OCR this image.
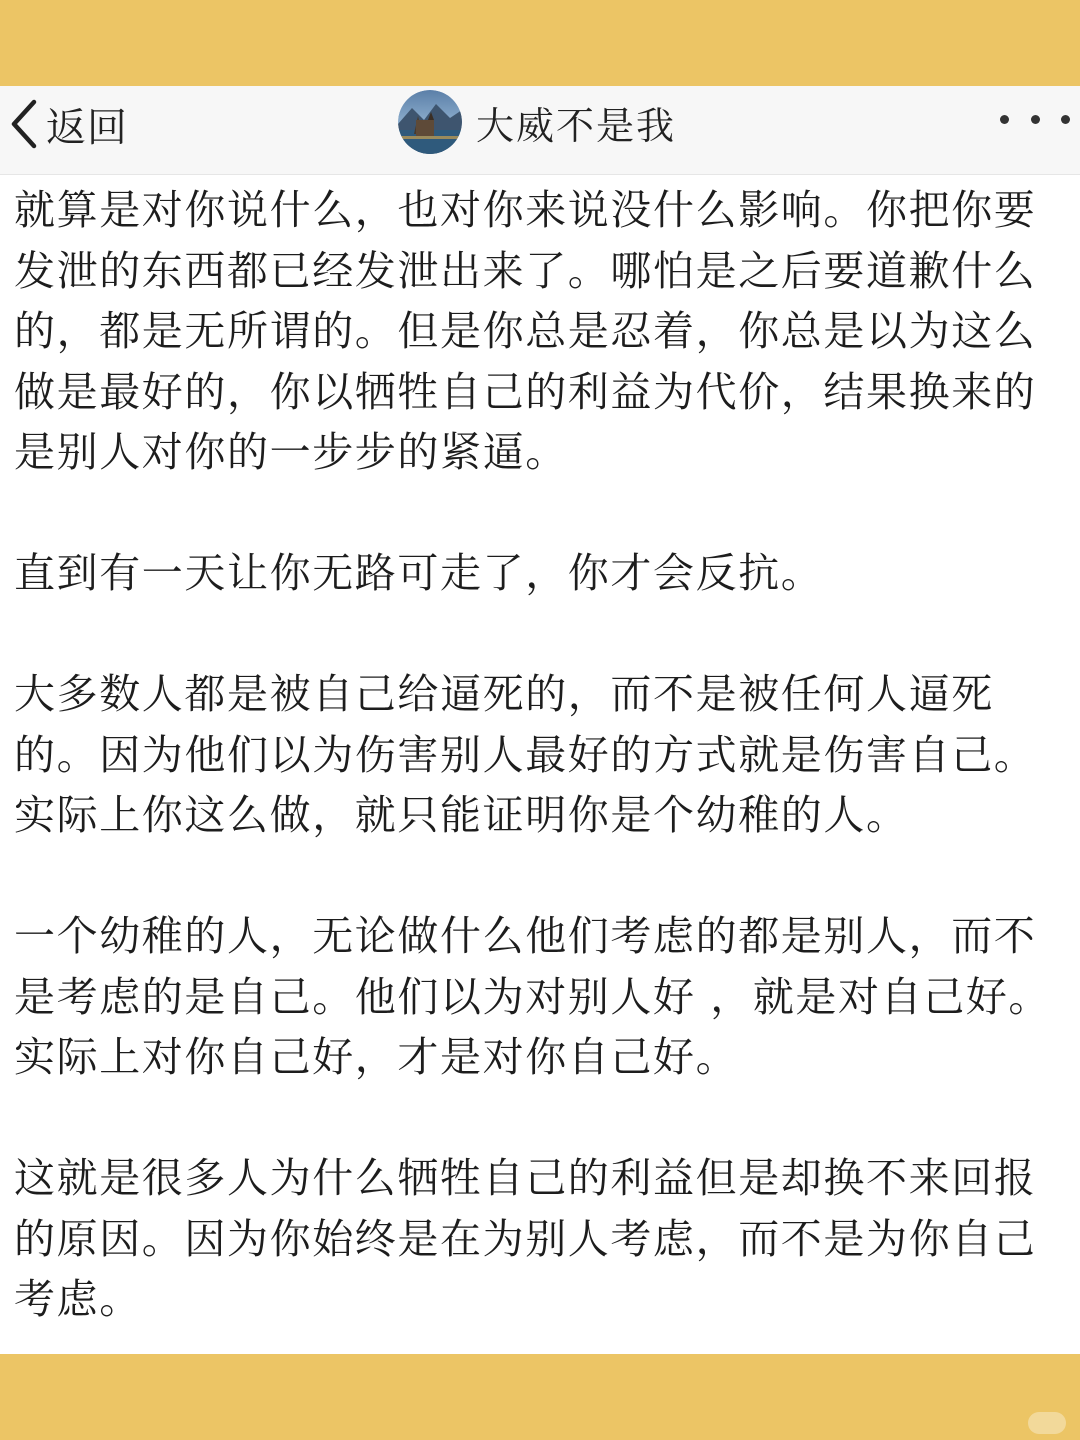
返回	大威不是我

就算是对你说什么，也对你来说没什么影响。你把你要发泄的东西都已经发泄出来了。哪怕是之后要道歉什么的，都是无所谓的。但是你总是忍着，你总是以为这么做是最好的，你以牺牲自己的利益为代价，结果换来的是别人对你的一步步的紧逼。

直到有一天让你无路可走了，你才会反抗。

大多数人都是被自己给逼死的，而不是被任何人逼死的。因为他们以为伤害别人最好的方式就是伤害自己。实际上你这么做，就只能证明你是个幼稚的人。

一个幼稚的人，无论做什么他们考虑的都是别人，而不是考虑的是自己。他们以为对别人好 ，就是对自己好。实际上对你自己好，才是对你自己好。

这就是很多人为什么牺牲自己的利益但是却换不来回报的原因。因为你始终是在为别人考虑，而不是为你自己考虑。
